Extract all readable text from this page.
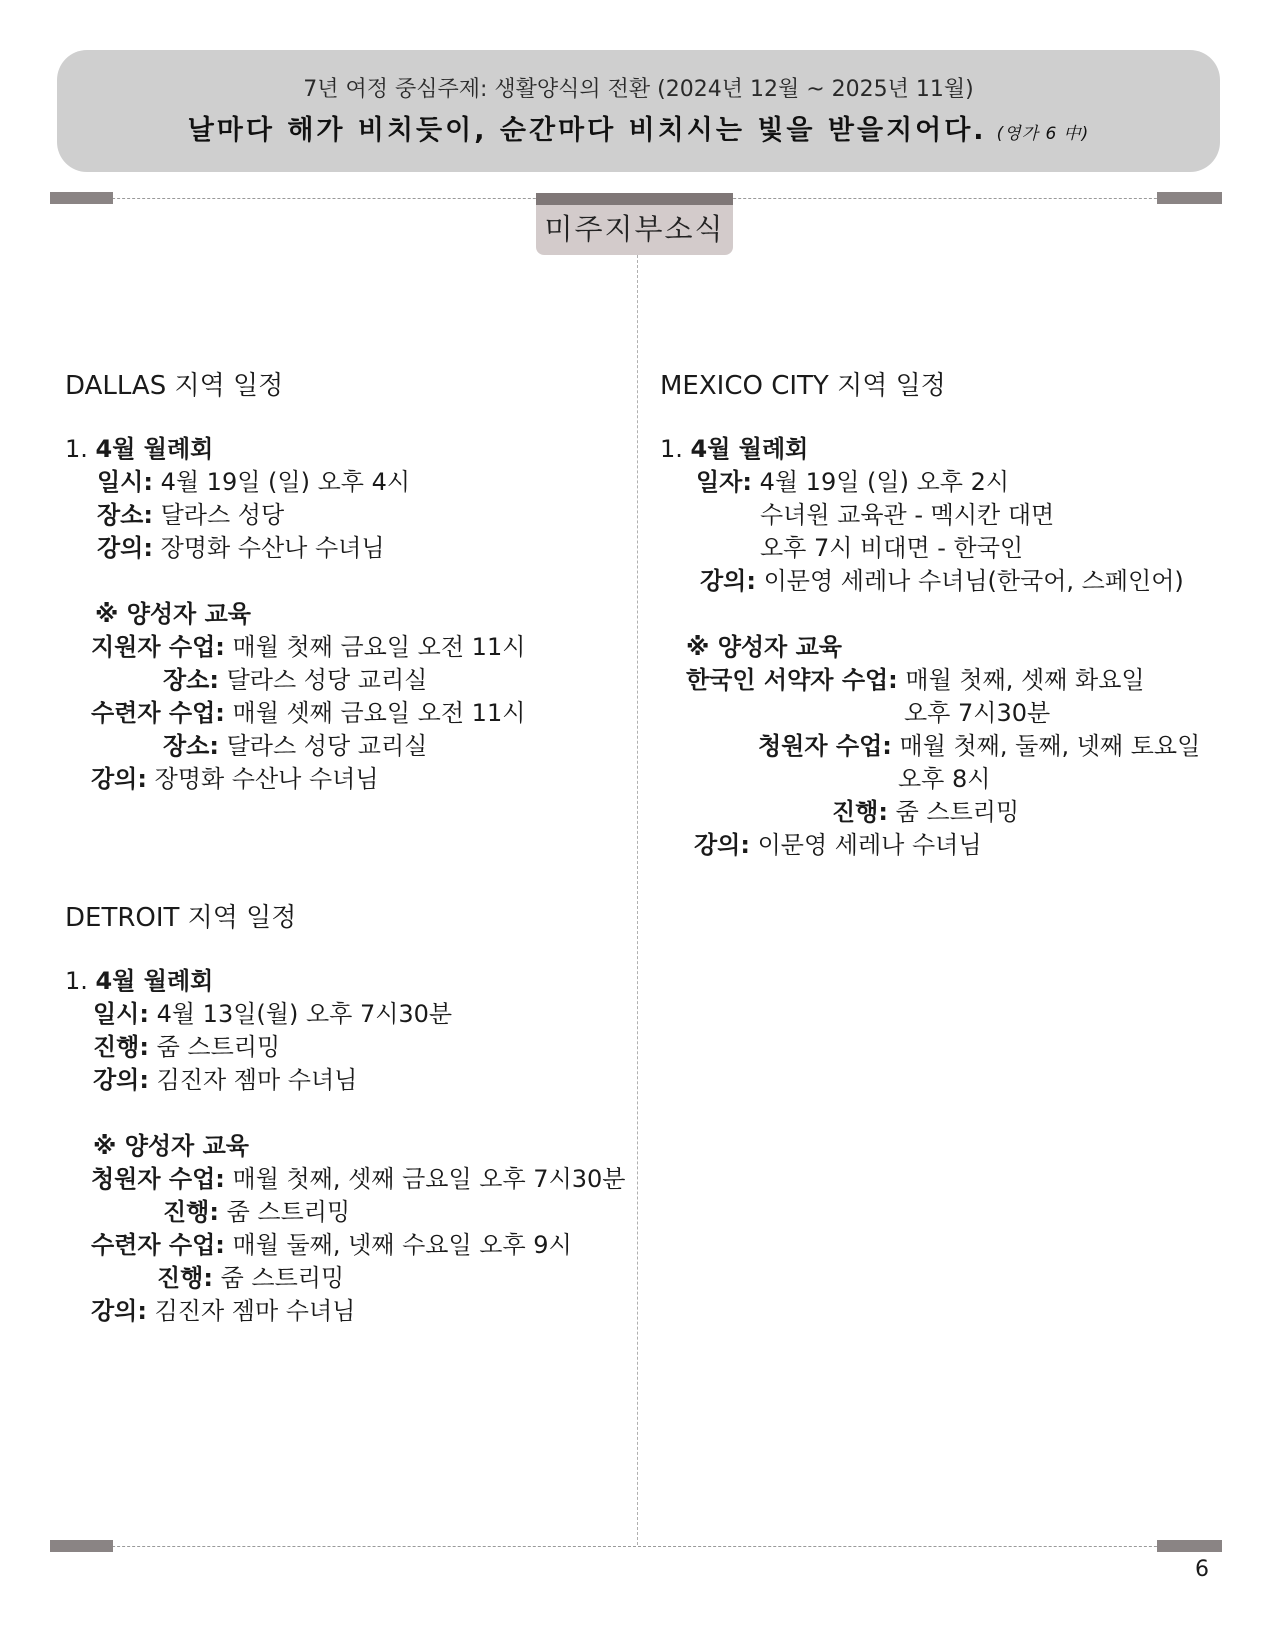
7년 여정 중심주제: 생활양식의 전환 (2024년 12월 ~ 2025년 11월)
날마다 해가 비치듯이, 순간마다 비치시는 빛을 받을지어다. (영가 6 中)
미주지부소식
DALLAS 지역 일정
1. 4월 월례회
일시: 4월 19일 (일) 오후 4시
장소: 달라스 성당
강의: 장명화 수산나 수녀님
※ 양성자 교육
지원자 수업: 매월 첫째 금요일 오전 11시
장소: 달라스 성당 교리실
수련자 수업: 매월 셋째 금요일 오전 11시
장소: 달라스 성당 교리실
강의: 장명화 수산나 수녀님
DETROIT 지역 일정
1. 4월 월례회
일시: 4월 13일(월) 오후 7시30분
진행: 줌 스트리밍
강의: 김진자 젬마 수녀님
※ 양성자 교육
청원자 수업: 매월 첫째, 셋째 금요일 오후 7시30분
진행: 줌 스트리밍
수련자 수업: 매월 둘째, 넷째 수요일 오후 9시
진행: 줌 스트리밍
강의: 김진자 젬마 수녀님
MEXICO CITY 지역 일정
1. 4월 월례회
일자: 4월 19일 (일) 오후 2시
수녀원 교육관 - 멕시칸 대면
오후 7시 비대면 - 한국인
강의: 이문영 세레나 수녀님(한국어, 스페인어)
※ 양성자 교육
한국인 서약자 수업: 매월 첫째, 셋째 화요일
오후 7시30분
청원자 수업: 매월 첫째, 둘째, 넷째 토요일
오후 8시
진행: 줌 스트리밍
강의: 이문영 세레나 수녀님
6
